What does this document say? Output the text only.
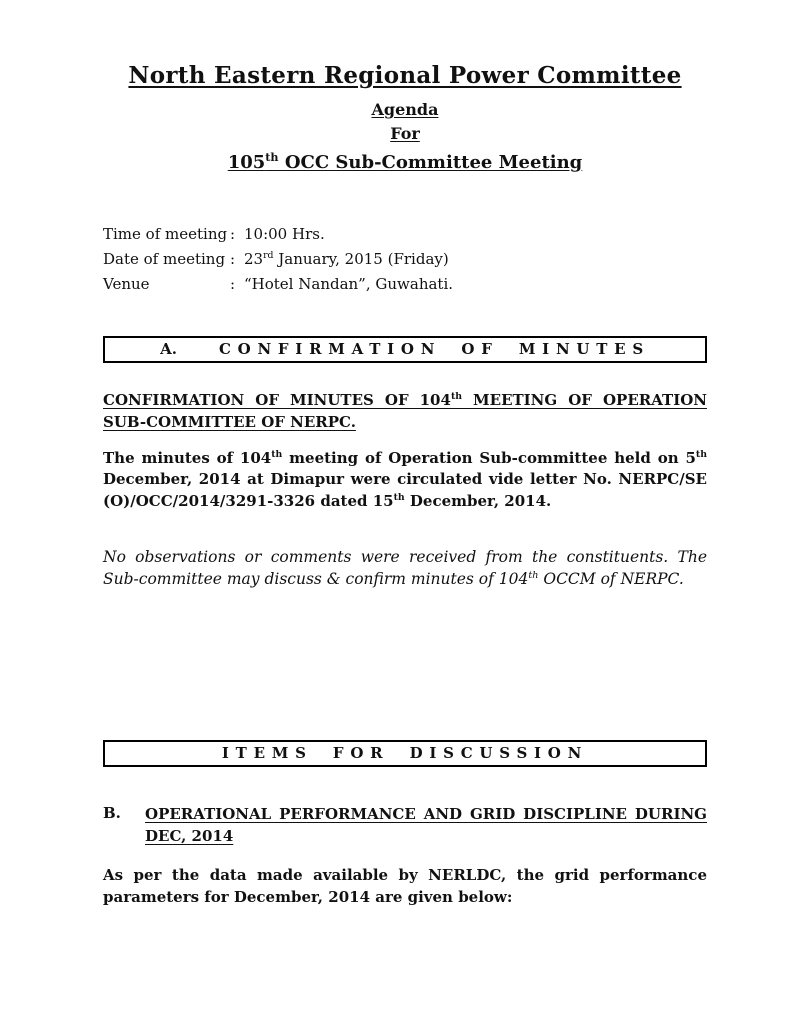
North Eastern Regional Power Committee
Agenda
For
105th OCC Sub-Committee Meeting
Time of meeting : 10:00 Hrs.
Date of meeting : 23rd January, 2015 (Friday)
Venue	: “Hotel Nandan”, Guwahati.
A.	CONFIRMATION OF MINUTES
CONFIRMATION OF MINUTES OF 104th MEETING OF OPERATION SUB-COMMITTEE OF NERPC.
The minutes of 104th meeting of Operation Sub-committee held on 5th December, 2014 at Dimapur were circulated vide letter No. NERPC/SE (O)/OCC/2014/3291-3326 dated 15th December, 2014.
No observations or comments were received from the constituents. The Sub-committee may discuss & confirm minutes of 104th OCCM of NERPC.
ITEMS FOR DISCUSSION
B.	OPERATIONAL PERFORMANCE AND GRID DISCIPLINE DURING DEC, 2014
As per the data made available by NERLDC, the grid performance parameters for December, 2014 are given below:
